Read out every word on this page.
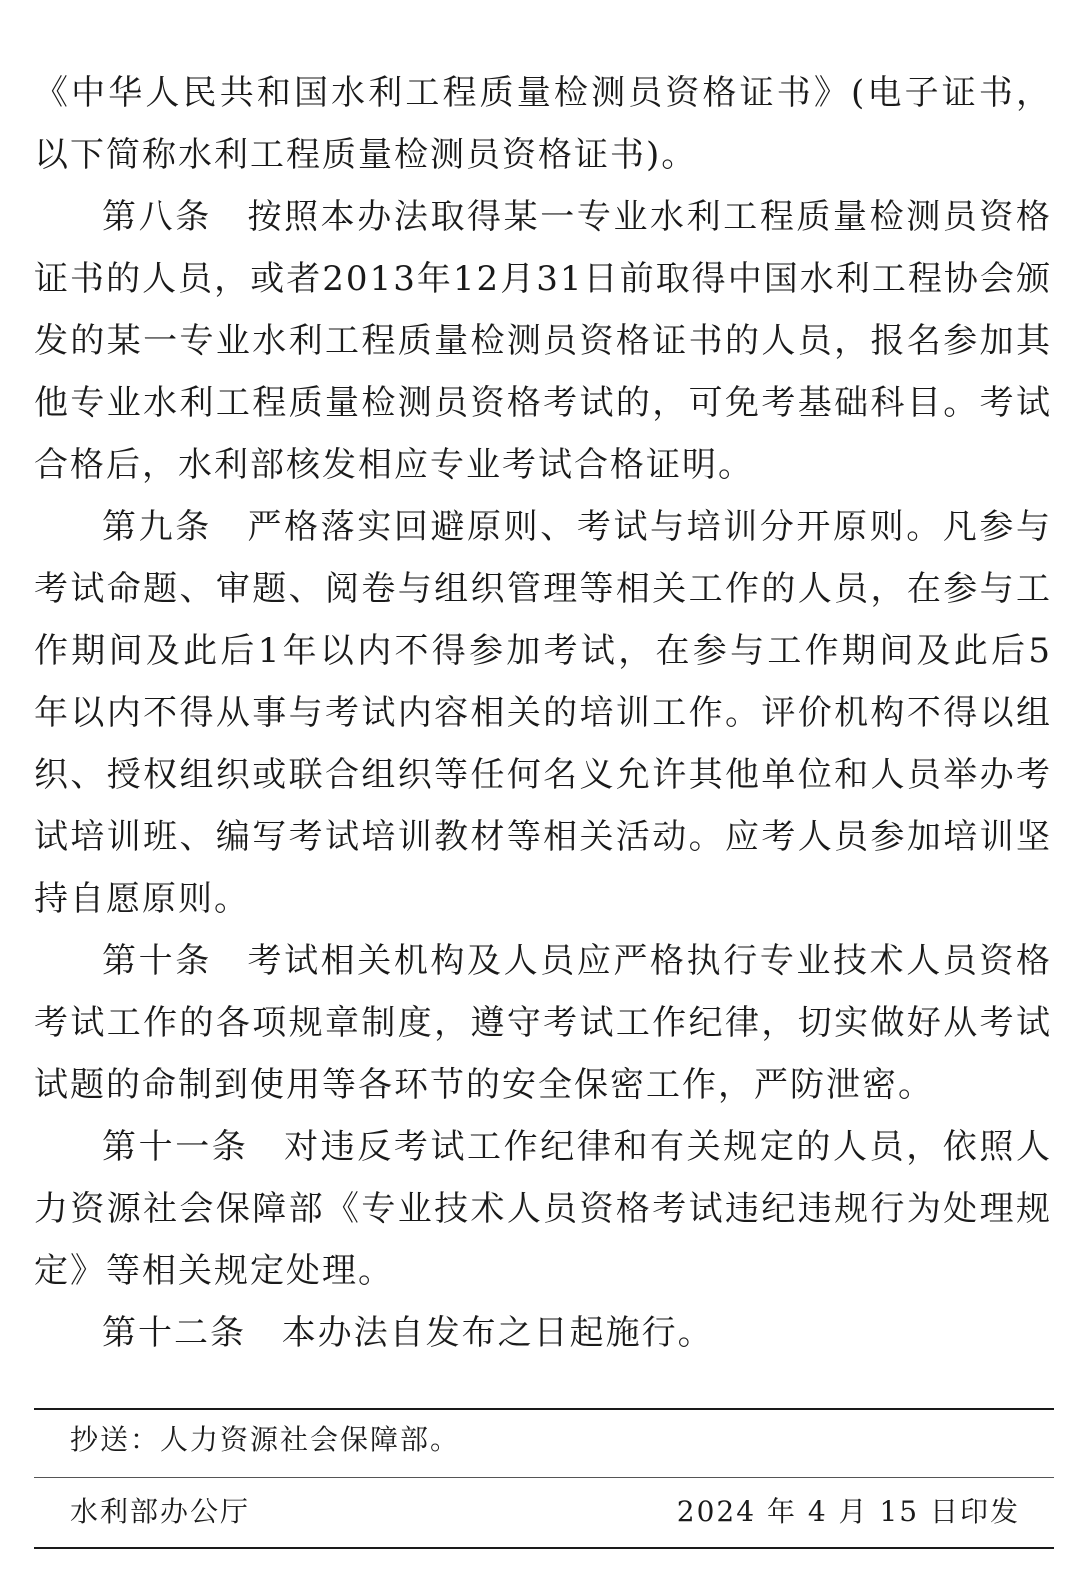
《中华人民共和国水利工程质量检测员资格证书》(电子证书，以下简称水利工程质量检测员资格证书)。

第八条 按照本办法取得某一专业水利工程质量检测员资格证书的人员，或者2013年12月31日前取得中国水利工程协会颁发的某一专业水利工程质量检测员资格证书的人员，报名参加其他专业水利工程质量检测员资格考试的，可免考基础科目。考试合格后，水利部核发相应专业考试合格证明。

第九条 严格落实回避原则、考试与培训分开原则。凡参与考试命题、审题、阅卷与组织管理等相关工作的人员，在参与工作期间及此后1年以内不得参加考试，在参与工作期间及此后5年以内不得从事与考试内容相关的培训工作。评价机构不得以组织、授权组织或联合组织等任何名义允许其他单位和人员举办考试培训班、编写考试培训教材等相关活动。应考人员参加培训坚持自愿原则。

第十条 考试相关机构及人员应严格执行专业技术人员资格考试工作的各项规章制度，遵守考试工作纪律，切实做好从考试试题的命制到使用等各环节的安全保密工作，严防泄密。

第十一条 对违反考试工作纪律和有关规定的人员，依照人力资源社会保障部《专业技术人员资格考试违纪违规行为处理规定》等相关规定处理。

第十二条 本办法自发布之日起施行。

抄送：人力资源社会保障部。
水利部办公厅	2024 年 4 月 15 日印发
